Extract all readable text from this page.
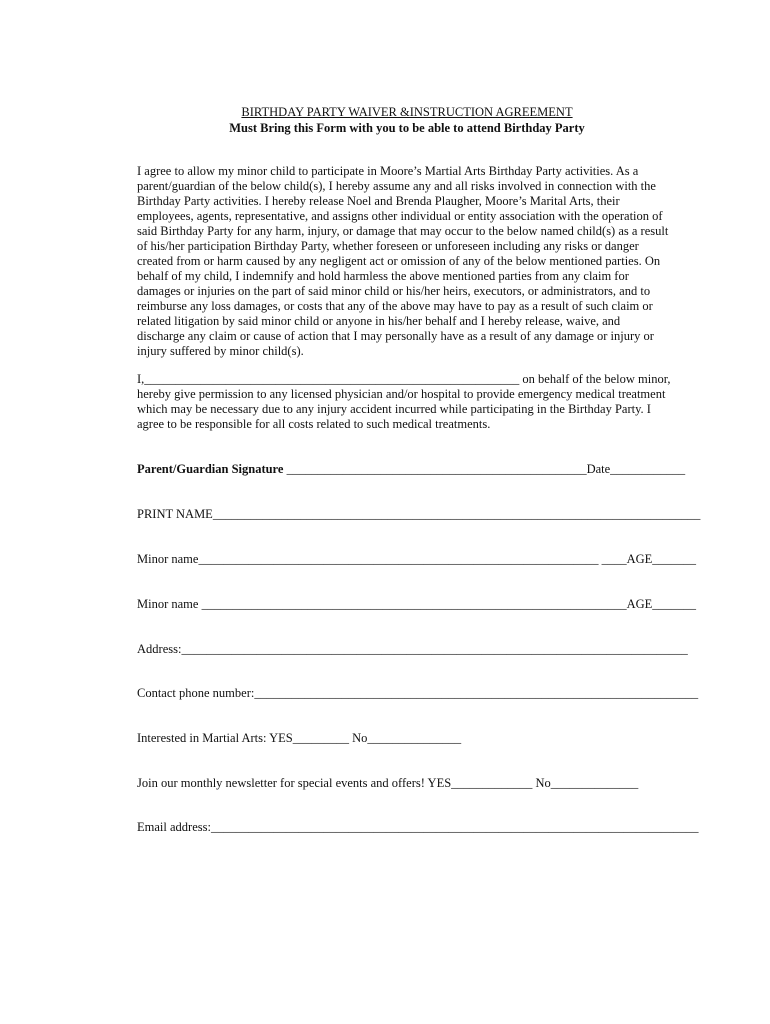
BIRTHDAY PARTY WAIVER &INSTRUCTION AGREEMENT
Must Bring this Form with you to be able to attend Birthday Party
I agree to allow my minor child to participate in Moore’s Martial Arts Birthday Party activities. As a
parent/guardian of the below child(s), I hereby assume any and all risks involved in connection with the
Birthday Party activities. I hereby release Noel and Brenda Plaugher, Moore’s Marital Arts, their
employees, agents, representative, and assigns other individual or entity association with the operation of
said Birthday Party for any harm, injury, or damage that may occur to the below named child(s) as a result
of his/her participation Birthday Party, whether foreseen or unforeseen including any risks or danger
created from or harm caused by any negligent act or omission of any of the below mentioned parties. On
behalf of my child, I indemnify and hold harmless the above mentioned parties from any claim for
damages or injuries on the part of said minor child or his/her heirs, executors, or administrators, and to
reimburse any loss damages, or costs that any of the above may have to pay as a result of such claim or
related litigation by said minor child or anyone in his/her behalf and I hereby release, waive, and
discharge any claim or cause of action that I may personally have as a result of any damage or injury or
injury suffered by minor child(s).
I,____________________________________________________________ on behalf of the below minor,
hereby give permission to any licensed physician and/or hospital to provide emergency medical treatment
which may be necessary due to any injury accident incurred while participating in the Birthday Party. I
agree to be responsible for all costs related to such medical treatments.
Parent/Guardian Signature ________________________________________________Date____________
PRINT NAME______________________________________________________________________________
Minor name________________________________________________________________ ____AGE_______
Minor name ____________________________________________________________________AGE_______
Address:_________________________________________________________________________________
Contact phone number:_______________________________________________________________________
Interested in Martial Arts: YES_________ No_______________
Join our monthly newsletter for special events and offers! YES_____________ No______________
Email address:______________________________________________________________________________
